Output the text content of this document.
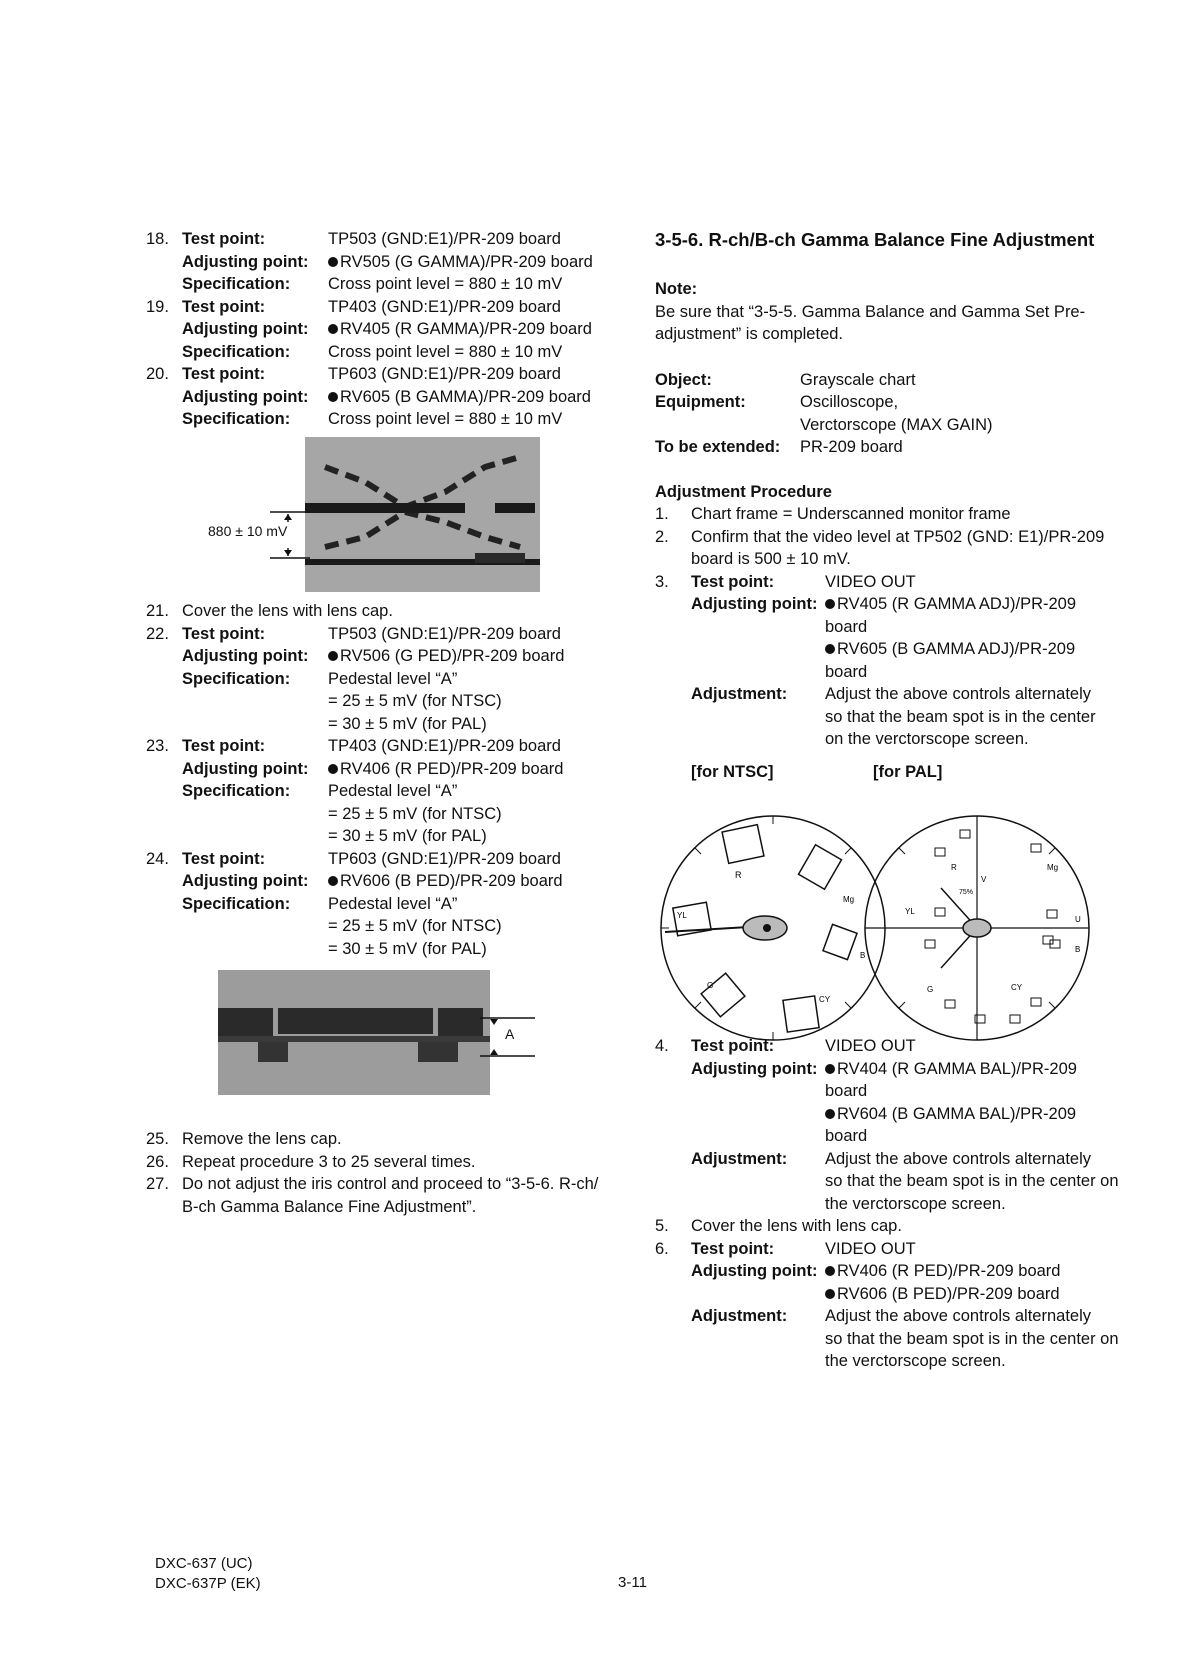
18. Test point:	TP503 (GND:E1)/PR-209 board
Adjusting point:	RV505 (G GAMMA)/PR-209 board
Specification: Cross point level = 880 ± 10 mV
19. Test point:	TP403 (GND:E1)/PR-209 board
Adjusting point:	RV405 (R GAMMA)/PR-209 board
Specification: Cross point level = 880 ± 10 mV
20. Test point:	TP603 (GND:E1)/PR-209 board
Adjusting point:	RV605 (B GAMMA)/PR-209 board
Specification: Cross point level = 880 ± 10 mV
880 ± 10 mV
21. Cover the lens with lens cap.
22. Test point:	TP503 (GND:E1)/PR-209 board
Adjusting point:	RV506 (G PED)/PR-209 board
Specification: Pedestal level “A”
= 25 ± 5 mV (for NTSC)
= 30 ± 5 mV (for PAL)
23. Test point:	TP403 (GND:E1)/PR-209 board
Adjusting point:	RV406 (R PED)/PR-209 board
Specification: Pedestal level “A”
= 25 ± 5 mV (for NTSC)
= 30 ± 5 mV (for PAL)
24. Test point:	TP603 (GND:E1)/PR-209 board
Adjusting point:	RV606 (B PED)/PR-209 board
Specification: Pedestal level “A”
= 25 ± 5 mV (for NTSC)
= 30 ± 5 mV (for PAL)
A
25. Remove the lens cap.
26. Repeat procedure 3 to 25 several times.
27. Do not adjust the iris control and proceed to “3-5-6. R-ch/
B-ch Gamma Balance Fine Adjustment”.
3-5-6. R-ch/B-ch Gamma Balance Fine Adjustment
Note:
Be sure that “3-5-5. Gamma Balance and Gamma Set Pre-
adjustment” is completed.
Object:	Grayscale chart
Equipment:	Oscilloscope,
Verctorscope (MAX GAIN)
To be extended: PR-209 board
Adjustment Procedure
1.	Chart frame = Underscanned monitor frame
2.	Confirm that the video level at TP502 (GND: E1)/PR-209
board is 500 ± 10 mV.
3.	Test point:	VIDEO OUT
Adjusting point:	RV405 (R GAMMA ADJ)/PR-209
board
RV605 (B GAMMA ADJ)/PR-209
board
Adjustment: Adjust the above controls alternately
so that the beam spot is in the center
on the verctorscope screen.
[for NTSC]	[for PAL]
R
Mg
YL
B
G
CY
R	Mg
V
75%
YL
U
B
G	CY
4.	Test point:	VIDEO OUT
Adjusting point:	RV404 (R GAMMA BAL)/PR-209
board
RV604 (B GAMMA BAL)/PR-209
board
Adjustment: Adjust the above controls alternately
so that the beam spot is in the center on
the verctorscope screen.
5.	Cover the lens with lens cap.
6.	Test point:	VIDEO OUT
Adjusting point:	RV406 (R PED)/PR-209 board
RV606 (B PED)/PR-209 board
Adjustment: Adjust the above controls alternately
so that the beam spot is in the center on
the verctorscope screen.
DXC-637 (UC)
DXC-637P (EK)	3-11
